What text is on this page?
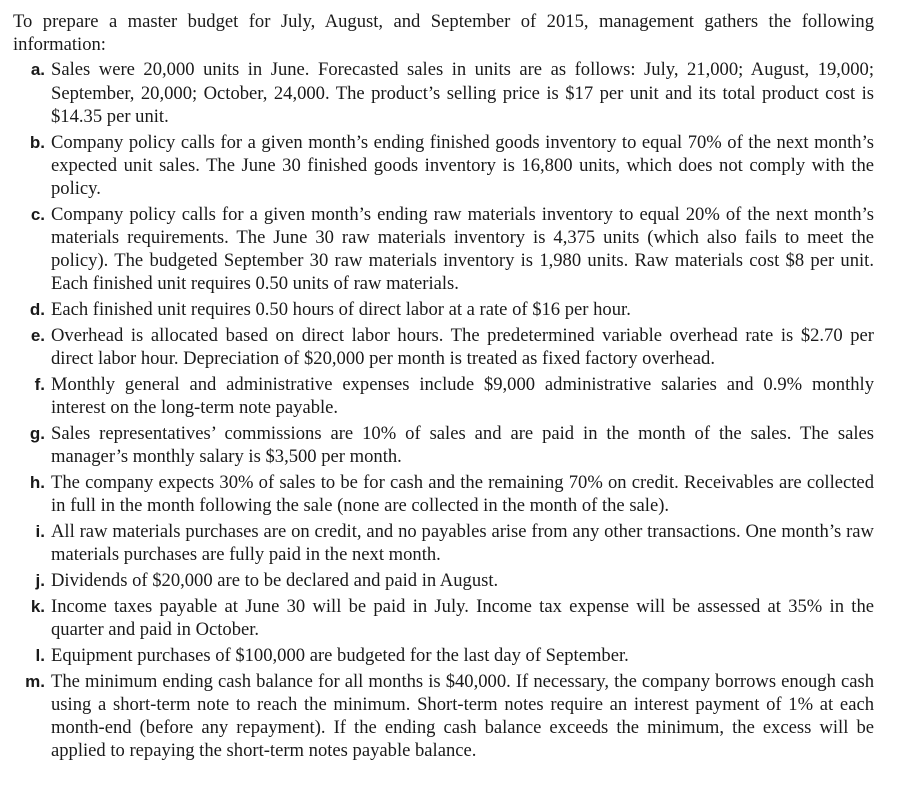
To prepare a master budget for July, August, and September of 2015, management gathers the following information:

a. Sales were 20,000 units in June. Forecasted sales in units are as follows: July, 21,000; August, 19,000; September, 20,000; October, 24,000. The product’s selling price is $17 per unit and its total product cost is $14.35 per unit.
b. Company policy calls for a given month’s ending finished goods inventory to equal 70% of the next month’s expected unit sales. The June 30 finished goods inventory is 16,800 units, which does not comply with the policy.
c. Company policy calls for a given month’s ending raw materials inventory to equal 20% of the next month’s materials requirements. The June 30 raw materials inventory is 4,375 units (which also fails to meet the policy). The budgeted September 30 raw materials inventory is 1,980 units. Raw materials cost $8 per unit. Each finished unit requires 0.50 units of raw materials.
d. Each finished unit requires 0.50 hours of direct labor at a rate of $16 per hour.
e. Overhead is allocated based on direct labor hours. The predetermined variable overhead rate is $2.70 per direct labor hour. Depreciation of $20,000 per month is treated as fixed factory overhead.
f. Monthly general and administrative expenses include $9,000 administrative salaries and 0.9% monthly interest on the long-term note payable.
g. Sales representatives’ commissions are 10% of sales and are paid in the month of the sales. The sales manager’s monthly salary is $3,500 per month.
h. The company expects 30% of sales to be for cash and the remaining 70% on credit. Receivables are collected in full in the month following the sale (none are collected in the month of the sale).
i. All raw materials purchases are on credit, and no payables arise from any other transactions. One month’s raw materials purchases are fully paid in the next month.
j. Dividends of $20,000 are to be declared and paid in August.
k. Income taxes payable at June 30 will be paid in July. Income tax expense will be assessed at 35% in the quarter and paid in October.
l. Equipment purchases of $100,000 are budgeted for the last day of September.
m. The minimum ending cash balance for all months is $40,000. If necessary, the company borrows enough cash using a short-term note to reach the minimum. Short-term notes require an interest payment of 1% at each month-end (before any repayment). If the ending cash balance exceeds the minimum, the excess will be applied to repaying the short-term notes payable balance.
